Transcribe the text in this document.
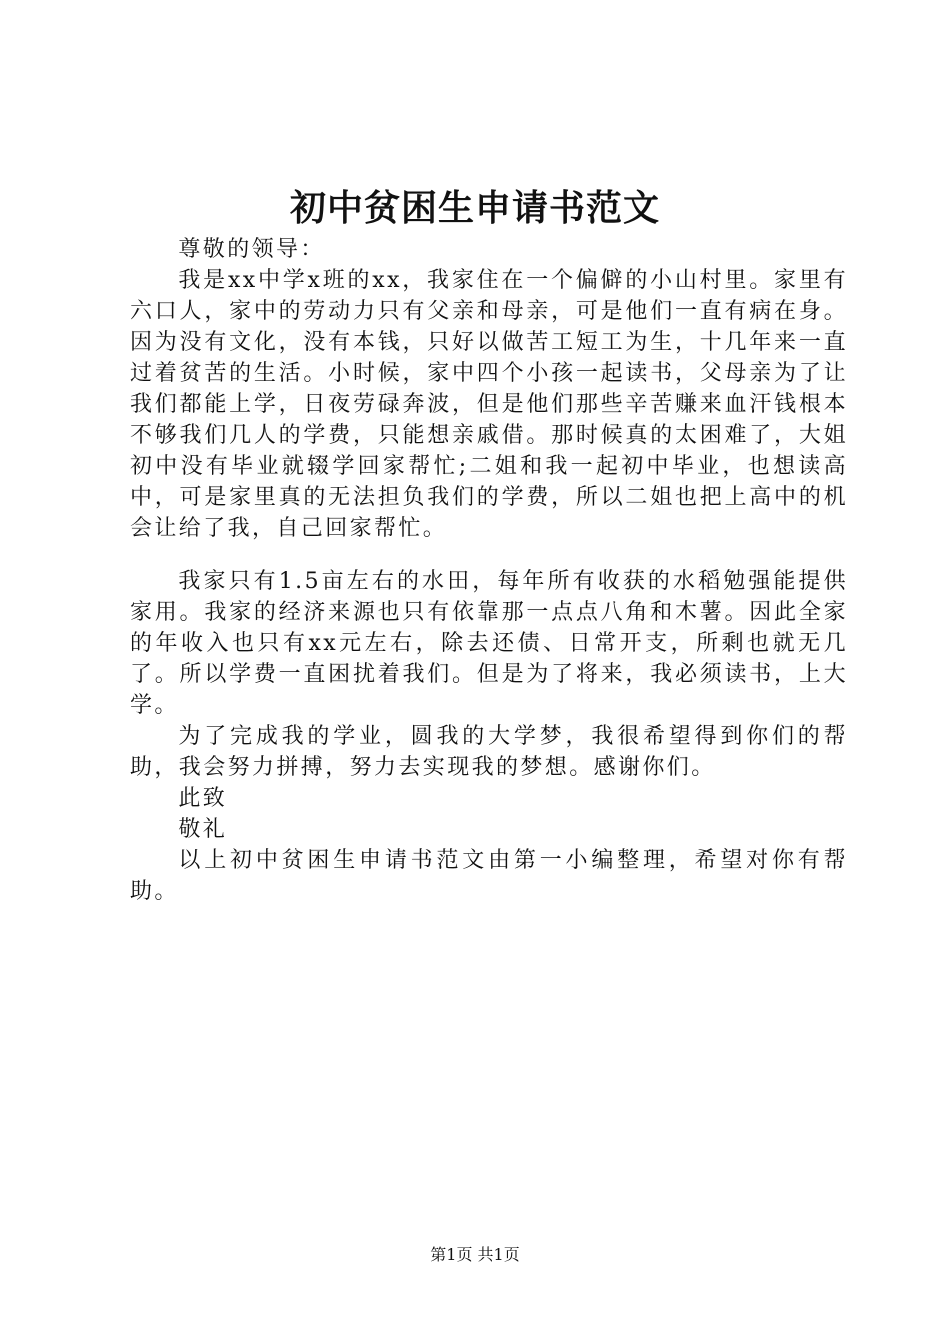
初中贫困生申请书范文

尊敬的领导：

我是xx中学x班的xx，我家住在一个偏僻的小山村里。家里有六口人，家中的劳动力只有父亲和母亲，可是他们一直有病在身。因为没有文化，没有本钱，只好以做苦工短工为生，十几年来一直过着贫苦的生活。小时候，家中四个小孩一起读书，父母亲为了让我们都能上学，日夜劳碌奔波，但是他们那些辛苦赚来血汗钱根本不够我们几人的学费，只能想亲戚借。那时候真的太困难了，大姐初中没有毕业就辍学回家帮忙;二姐和我一起初中毕业，也想读高中，可是家里真的无法担负我们的学费，所以二姐也把上高中的机会让给了我，自己回家帮忙。

我家只有1.5亩左右的水田，每年所有收获的水稻勉强能提供家用。我家的经济来源也只有依靠那一点点八角和木薯。因此全家的年收入也只有xx元左右，除去还债、日常开支，所剩也就无几了。所以学费一直困扰着我们。但是为了将来，我必须读书，上大学。

为了完成我的学业，圆我的大学梦，我很希望得到你们的帮助，我会努力拼搏，努力去实现我的梦想。感谢你们。

此致

敬礼

以上初中贫困生申请书范文由第一小编整理，希望对你有帮助。

第1页 共1页
